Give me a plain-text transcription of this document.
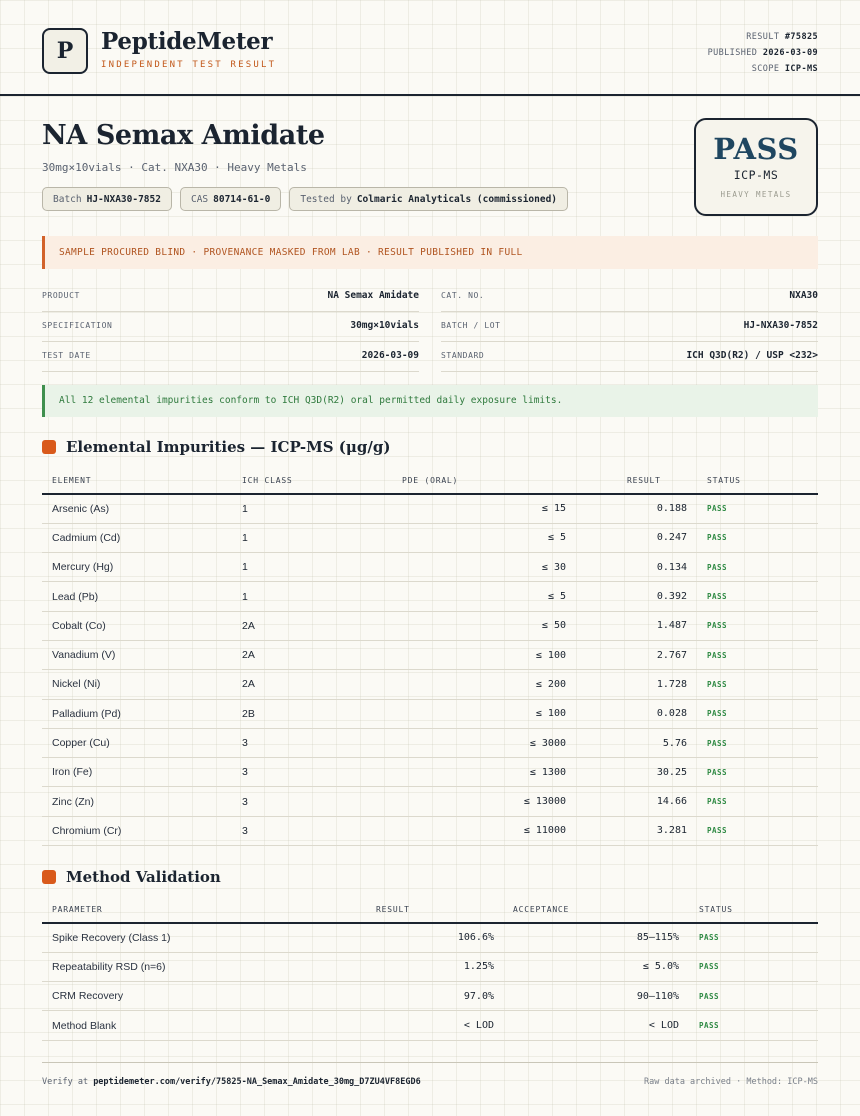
P PeptideMeter
INDEPENDENT TEST RESULT
RESULT #75825
PUBLISHED 2026-03-09
SCOPE ICP-MS
NA Semax Amidate
30mg×10vials · Cat. NXA30 · Heavy Metals
Batch HJ-NXA30-7852	CAS 80714-61-0	Tested by Colmaric Analyticals (commissioned)
PASS
ICP-MS
HEAVY METALS
SAMPLE PROCURED BLIND · PROVENANCE MASKED FROM LAB · RESULT PUBLISHED IN FULL
PRODUCT	NA Semax Amidate	CAT. NO.	NXA30
SPECIFICATION	30mg×10vials	BATCH / LOT	HJ-NXA30-7852
TEST DATE	2026-03-09	STANDARD	ICH Q3D(R2) / USP <232>
All 12 elemental impurities conform to ICH Q3D(R2) oral permitted daily exposure limits.
Elemental Impurities — ICP-MS (μg/g)
ELEMENT	ICH CLASS	PDE (ORAL)	RESULT	STATUS
Arsenic (As)	1	≤ 15	0.188	PASS
Cadmium (Cd)	1	≤ 5	0.247	PASS
Mercury (Hg)	1	≤ 30	0.134	PASS
Lead (Pb)	1	≤ 5	0.392	PASS
Cobalt (Co)	2A	≤ 50	1.487	PASS
Vanadium (V)	2A	≤ 100	2.767	PASS
Nickel (Ni)	2A	≤ 200	1.728	PASS
Palladium (Pd)	2B	≤ 100	0.028	PASS
Copper (Cu)	3	≤ 3000	5.76	PASS
Iron (Fe)	3	≤ 1300	30.25	PASS
Zinc (Zn)	3	≤ 13000	14.66	PASS
Chromium (Cr)	3	≤ 11000	3.281	PASS
Method Validation
PARAMETER	RESULT	ACCEPTANCE	STATUS
Spike Recovery (Class 1)	106.6%	85–115%	PASS
Repeatability RSD (n=6)	1.25%	≤ 5.0%	PASS
CRM Recovery	97.0%	90–110%	PASS
Method Blank	< LOD	< LOD	PASS
Verify at peptidemeter.com/verify/75825-NA_Semax_Amidate_30mg_D7ZU4VF8EGD6	Raw data archived · Method: ICP-MS
